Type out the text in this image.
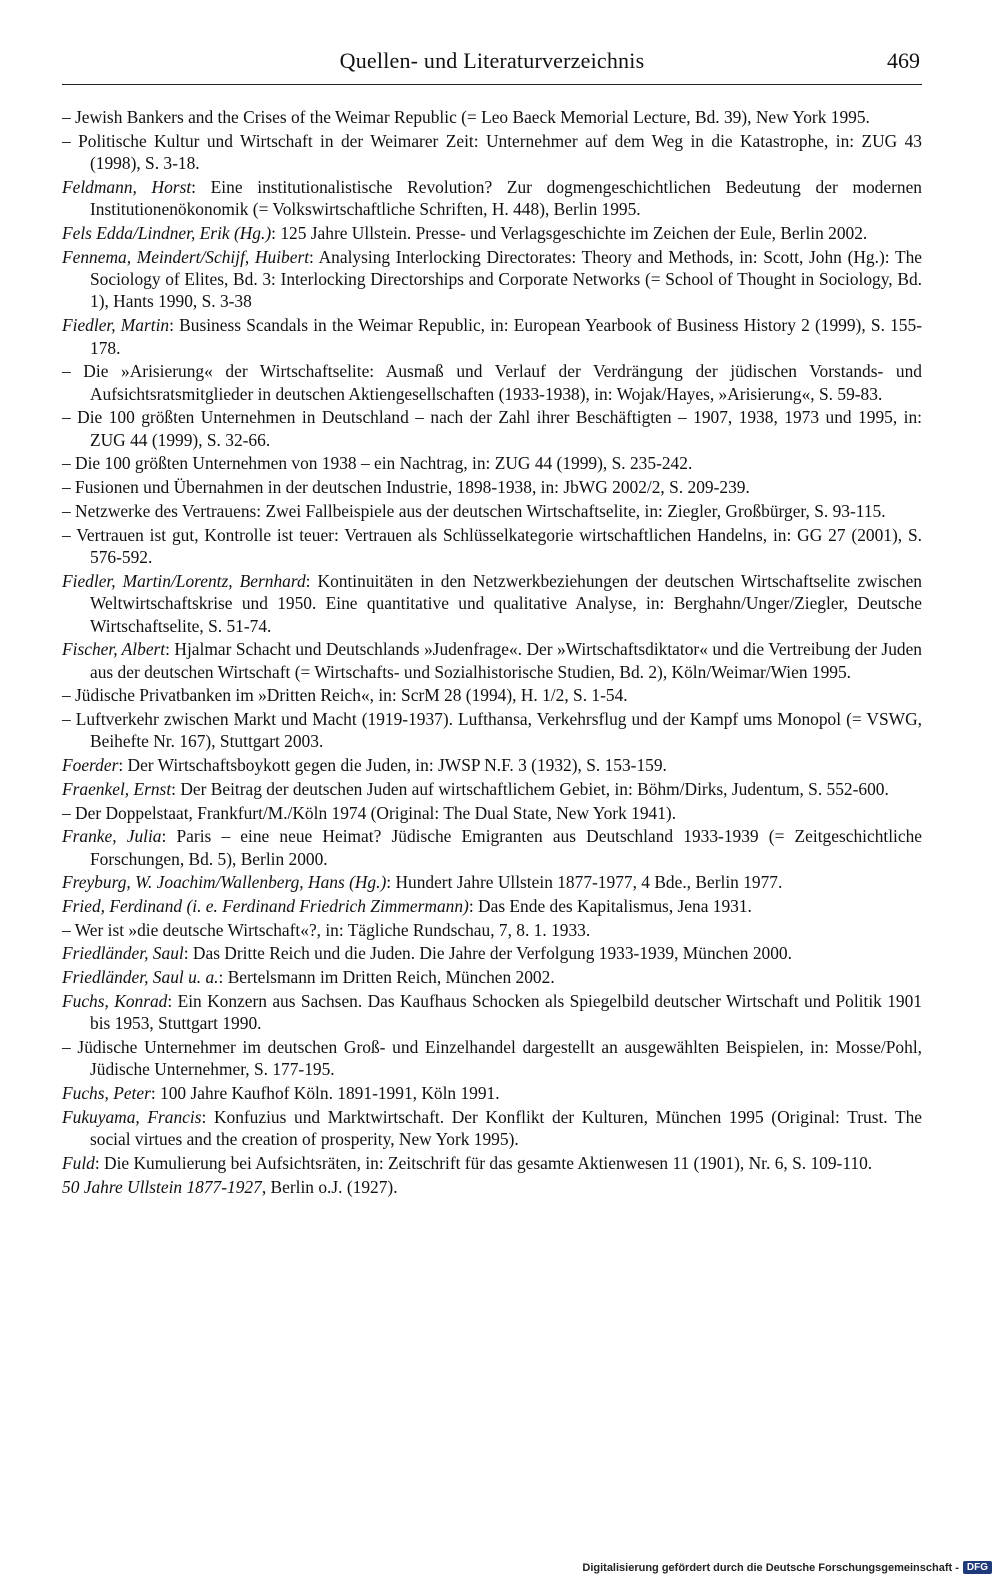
Quellen- und Literaturverzeichnis	469
– Jewish Bankers and the Crises of the Weimar Republic (= Leo Baeck Memorial Lecture, Bd. 39), New York 1995.
– Politische Kultur und Wirtschaft in der Weimarer Zeit: Unternehmer auf dem Weg in die Katastrophe, in: ZUG 43 (1998), S. 3-18.
Feldmann, Horst: Eine institutionalistische Revolution? Zur dogmengeschichtlichen Bedeutung der modernen Institutionenökonomik (= Volkswirtschaftliche Schriften, H. 448), Berlin 1995.
Fels Edda/Lindner, Erik (Hg.): 125 Jahre Ullstein. Presse- und Verlagsgeschichte im Zeichen der Eule, Berlin 2002.
Fennema, Meindert/Schijf, Huibert: Analysing Interlocking Directorates: Theory and Methods, in: Scott, John (Hg.): The Sociology of Elites, Bd. 3: Interlocking Directorships and Corporate Networks (= School of Thought in Sociology, Bd. 1), Hants 1990, S. 3-38
Fiedler, Martin: Business Scandals in the Weimar Republic, in: European Yearbook of Business History 2 (1999), S. 155-178.
– Die »Arisierung« der Wirtschaftselite: Ausmaß und Verlauf der Verdrängung der jüdischen Vorstands- und Aufsichtsratsmitglieder in deutschen Aktiengesellschaften (1933-1938), in: Wojak/Hayes, »Arisierung«, S. 59-83.
– Die 100 größten Unternehmen in Deutschland – nach der Zahl ihrer Beschäftigten – 1907, 1938, 1973 und 1995, in: ZUG 44 (1999), S. 32-66.
– Die 100 größten Unternehmen von 1938 – ein Nachtrag, in: ZUG 44 (1999), S. 235-242.
– Fusionen und Übernahmen in der deutschen Industrie, 1898-1938, in: JbWG 2002/2, S. 209-239.
– Netzwerke des Vertrauens: Zwei Fallbeispiele aus der deutschen Wirtschaftselite, in: Ziegler, Großbürger, S. 93-115.
– Vertrauen ist gut, Kontrolle ist teuer: Vertrauen als Schlüsselkategorie wirtschaftlichen Handelns, in: GG 27 (2001), S. 576-592.
Fiedler, Martin/Lorentz, Bernhard: Kontinuitäten in den Netzwerkbeziehungen der deutschen Wirtschaftselite zwischen Weltwirtschaftskrise und 1950. Eine quantitative und qualitative Analyse, in: Berghahn/Unger/Ziegler, Deutsche Wirtschaftselite, S. 51-74.
Fischer, Albert: Hjalmar Schacht und Deutschlands »Judenfrage«. Der »Wirtschaftsdiktator« und die Vertreibung der Juden aus der deutschen Wirtschaft (= Wirtschafts- und Sozialhistorische Studien, Bd. 2), Köln/Weimar/Wien 1995.
– Jüdische Privatbanken im »Dritten Reich«, in: ScrM 28 (1994), H. 1/2, S. 1-54.
– Luftverkehr zwischen Markt und Macht (1919-1937). Lufthansa, Verkehrsflug und der Kampf ums Monopol (= VSWG, Beihefte Nr. 167), Stuttgart 2003.
Foerder: Der Wirtschaftsboykott gegen die Juden, in: JWSP N.F. 3 (1932), S. 153-159.
Fraenkel, Ernst: Der Beitrag der deutschen Juden auf wirtschaftlichem Gebiet, in: Böhm/Dirks, Judentum, S. 552-600.
– Der Doppelstaat, Frankfurt/M./Köln 1974 (Original: The Dual State, New York 1941).
Franke, Julia: Paris – eine neue Heimat? Jüdische Emigranten aus Deutschland 1933-1939 (= Zeitgeschichtliche Forschungen, Bd. 5), Berlin 2000.
Freyburg, W. Joachim/Wallenberg, Hans (Hg.): Hundert Jahre Ullstein 1877-1977, 4 Bde., Berlin 1977.
Fried, Ferdinand (i. e. Ferdinand Friedrich Zimmermann): Das Ende des Kapitalismus, Jena 1931.
– Wer ist »die deutsche Wirtschaft«?, in: Tägliche Rundschau, 7, 8. 1. 1933.
Friedländer, Saul: Das Dritte Reich und die Juden. Die Jahre der Verfolgung 1933-1939, München 2000.
Friedländer, Saul u. a.: Bertelsmann im Dritten Reich, München 2002.
Fuchs, Konrad: Ein Konzern aus Sachsen. Das Kaufhaus Schocken als Spiegelbild deutscher Wirtschaft und Politik 1901 bis 1953, Stuttgart 1990.
– Jüdische Unternehmer im deutschen Groß- und Einzelhandel dargestellt an ausgewählten Beispielen, in: Mosse/Pohl, Jüdische Unternehmer, S. 177-195.
Fuchs, Peter: 100 Jahre Kaufhof Köln. 1891-1991, Köln 1991.
Fukuyama, Francis: Konfuzius und Marktwirtschaft. Der Konflikt der Kulturen, München 1995 (Original: Trust. The social virtues and the creation of prosperity, New York 1995).
Fuld: Die Kumulierung bei Aufsichtsräten, in: Zeitschrift für das gesamte Aktienwesen 11 (1901), Nr. 6, S. 109-110.
50 Jahre Ullstein 1877-1927, Berlin o.J. (1927).
Digitalisierung gefördert durch die Deutsche Forschungsgemeinschaft - DFG
